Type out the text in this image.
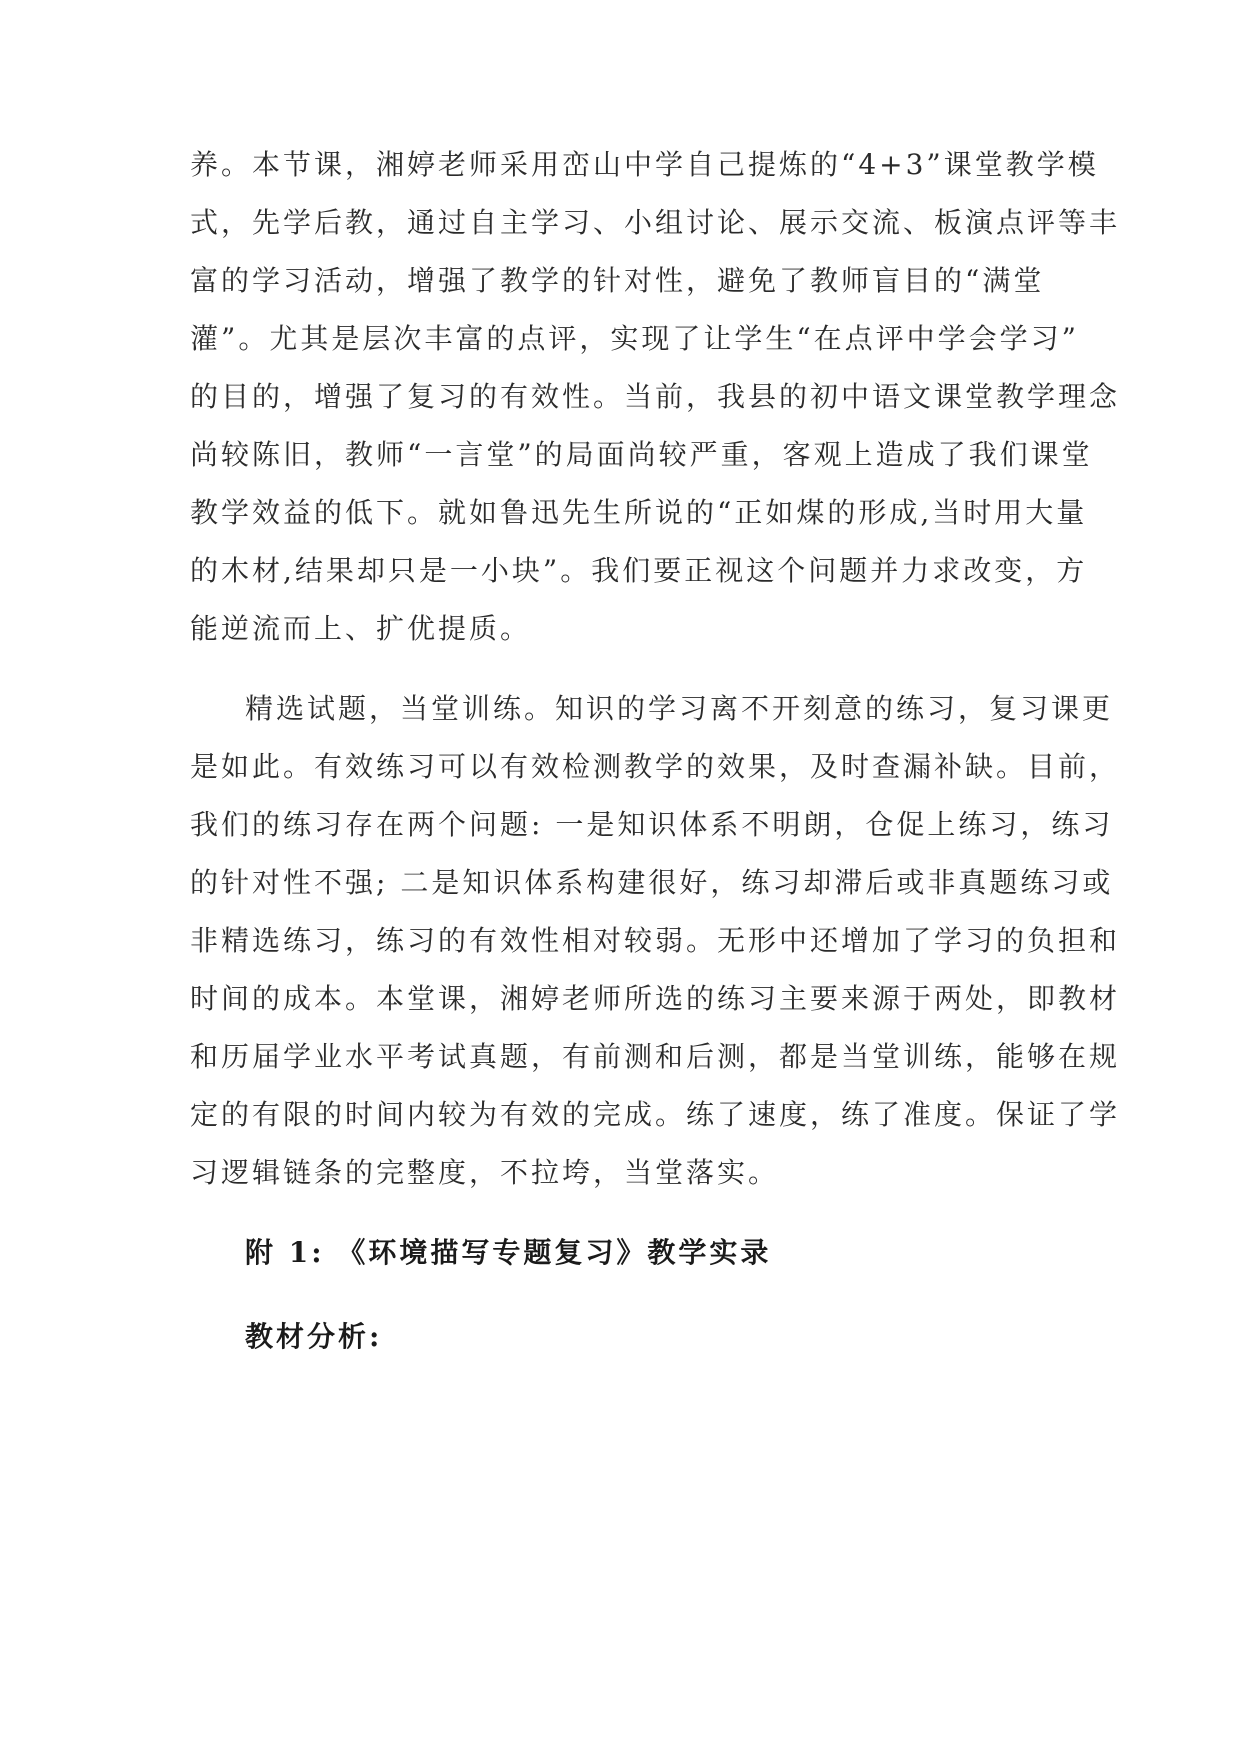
养。本节课，湘婷老师采用峦山中学自己提炼的“4+3”课堂教学模
式，先学后教，通过自主学习、小组讨论、展示交流、板演点评等丰
富的学习活动，增强了教学的针对性，避免了教师盲目的“满堂
灌”。尤其是层次丰富的点评，实现了让学生“在点评中学会学习”
的目的，增强了复习的有效性。当前，我县的初中语文课堂教学理念
尚较陈旧，教师“一言堂”的局面尚较严重，客观上造成了我们课堂
教学效益的低下。就如鲁迅先生所说的“正如煤的形成,当时用大量
的木材,结果却只是一小块”。我们要正视这个问题并力求改变，方
能逆流而上、扩优提质。
精选试题，当堂训练。知识的学习离不开刻意的练习，复习课更
是如此。有效练习可以有效检测教学的效果，及时查漏补缺。目前，
我们的练习存在两个问题: 一是知识体系不明朗，仓促上练习，练习
的针对性不强; 二是知识体系构建很好，练习却滞后或非真题练习或
非精选练习，练习的有效性相对较弱。无形中还增加了学习的负担和
时间的成本。本堂课，湘婷老师所选的练习主要来源于两处，即教材
和历届学业水平考试真题，有前测和后测，都是当堂训练，能够在规
定的有限的时间内较为有效的完成。练了速度，练了准度。保证了学
习逻辑链条的完整度，不拉垮，当堂落实。
附 1: 《环境描写专题复习》教学实录
教材分析:
